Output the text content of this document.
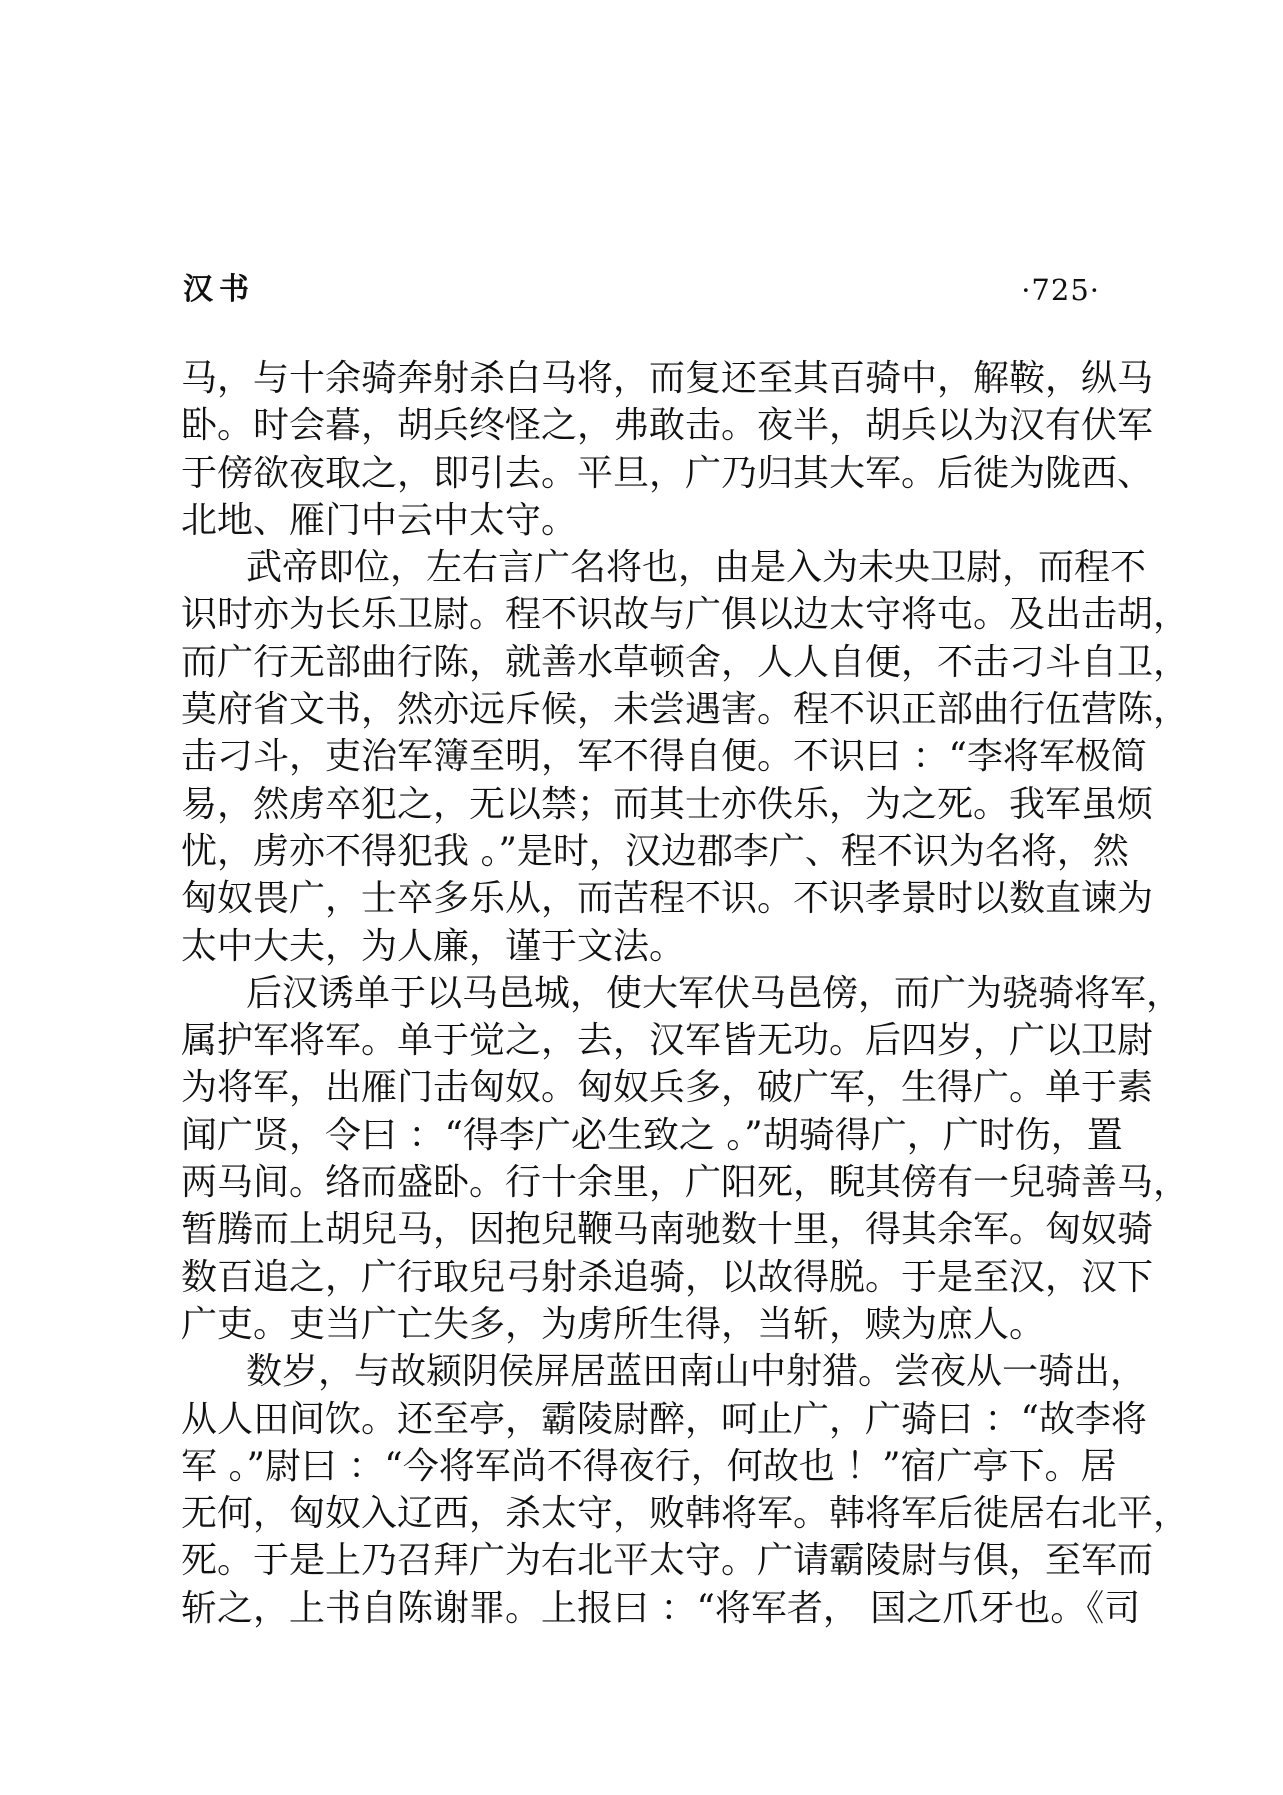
汉书	·725·
马，与十余骑奔射杀白马将，而复还至其百骑中，解鞍，纵马
卧。时会暮，胡兵终怪之，弗敢击。夜半，胡兵以为汉有伏军
于傍欲夜取之，即引去。平旦，广乃归其大军。后徙为陇西、
北地、雁门中云中太守。
武帝即位，左右言广名将也，由是入为未央卫尉，而程不
识时亦为长乐卫尉。程不识故与广俱以边太守将屯。及出击胡，
而广行无部曲行陈，就善水草顿舍，人人自便，不击刁斗自卫，
莫府省文书，然亦远斥候，未尝遇害。程不识正部曲行伍营陈，
击刁斗，吏治军簿至明，军不得自便。不识曰 ：“李将军极简
易，然虏卒犯之，无以禁；而其士亦佚乐，为之死。我军虽烦
忧，虏亦不得犯我 。”是时，汉边郡李广、程不识为名将，然
匈奴畏广，士卒多乐从，而苦程不识。不识孝景时以数直谏为
太中大夫，为人廉，谨于文法。
后汉诱单于以马邑城，使大军伏马邑傍，而广为骁骑将军，
属护军将军。单于觉之，去，汉军皆无功。后四岁，广以卫尉
为将军，出雁门击匈奴。匈奴兵多，破广军，生得广。单于素
闻广贤，令曰 ：“得李广必生致之 。”胡骑得广，广时伤，置
两马间。络而盛卧。行十余里，广阳死，睨其傍有一兒骑善马，
暂腾而上胡兒马，因抱兒鞭马南驰数十里，得其余军。匈奴骑
数百追之，广行取兒弓射杀追骑，以故得脱。于是至汉，汉下
广吏。吏当广亡失多，为虏所生得，当斩，赎为庶人。
数岁，与故颍阴侯屏居蓝田南山中射猎。尝夜从一骑出，
从人田间饮。还至亭，霸陵尉醉，呵止广，广骑曰 ：“故李将
军 。”尉曰 ：“今将军尚不得夜行，何故也 ！”宿广亭下。居
无何，匈奴入辽西，杀太守，败韩将军。韩将军后徙居右北平，
死。于是上乃召拜广为右北平太守。广请霸陵尉与俱，至军而
斩之，上书自陈谢罪。上报曰 ：“将军者， 国之爪牙也。《司
